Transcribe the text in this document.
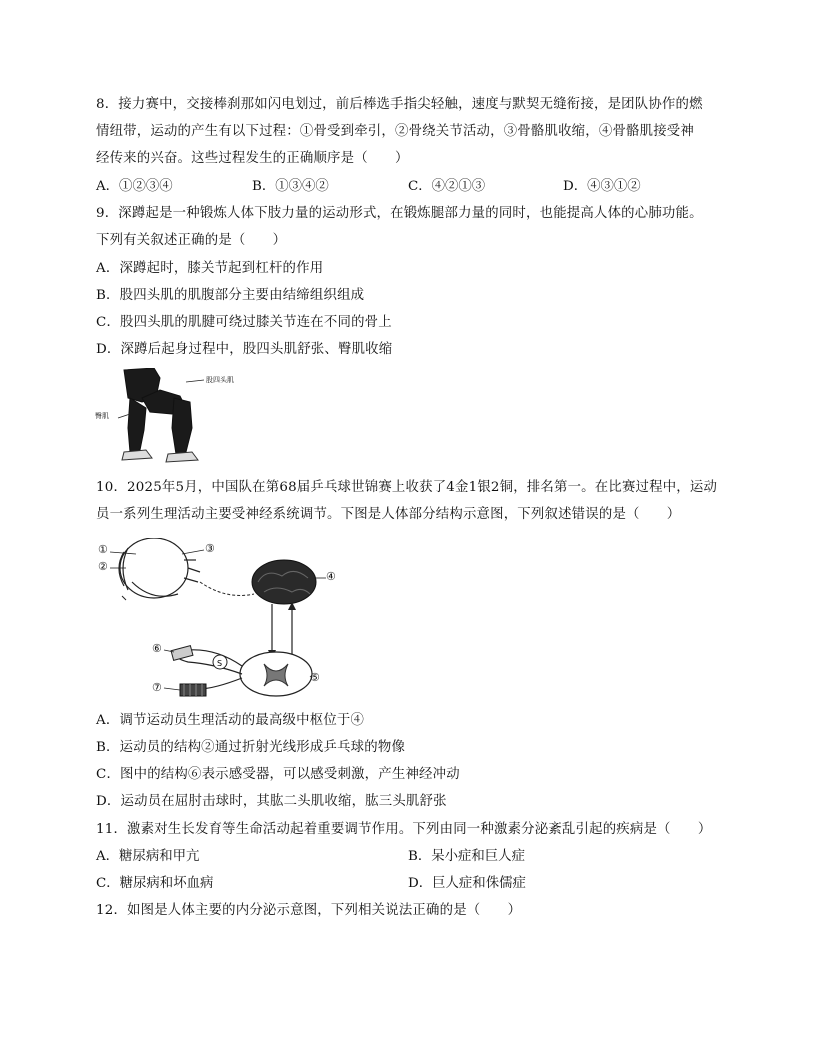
8．接力赛中，交接棒刹那如闪电划过，前后棒选手指尖轻触，速度与默契无缝衔接，是团队协作的燃
情纽带，运动的产生有以下过程：①骨受到牵引，②骨绕关节活动，③骨骼肌收缩，④骨骼肌接受神
经传来的兴奋。这些过程发生的正确顺序是（　　）
A．①②③④	B．①③④②	C．④②①③	D．④③①②
9．深蹲起是一种锻炼人体下肢力量的运动形式，在锻炼腿部力量的同时，也能提高人体的心肺功能。
下列有关叙述正确的是（　　）
A．深蹲起时，膝关节起到杠杆的作用
B．股四头肌的肌腹部分主要由结缔组织组成
C．股四头肌的肌腱可绕过膝关节连在不同的骨上
D．深蹲后起身过程中，股四头肌舒张、臀肌收缩
股四头肌
臀肌
10．2025年5月，中国队在第68届乒乓球世锦赛上收获了4金1银2铜，排名第一。在比赛过程中，运动
员一系列生理活动主要受神经系统调节。下图是人体部分结构示意图，下列叙述错误的是（　　）
S
①
②
③
④
⑤
⑥
⑦
A．调节运动员生理活动的最高级中枢位于④
B．运动员的结构②通过折射光线形成乒乓球的物像
C．图中的结构⑥表示感受器，可以感受刺激，产生神经冲动
D．运动员在屈肘击球时，其肱二头肌收缩，肱三头肌舒张
11．激素对生长发育等生命活动起着重要调节作用。下列由同一种激素分泌紊乱引起的疾病是（　　）
A．糖尿病和甲亢	B．呆小症和巨人症
C．糖尿病和坏血病	D．巨人症和侏儒症
12．如图是人体主要的内分泌示意图，下列相关说法正确的是（　　）
